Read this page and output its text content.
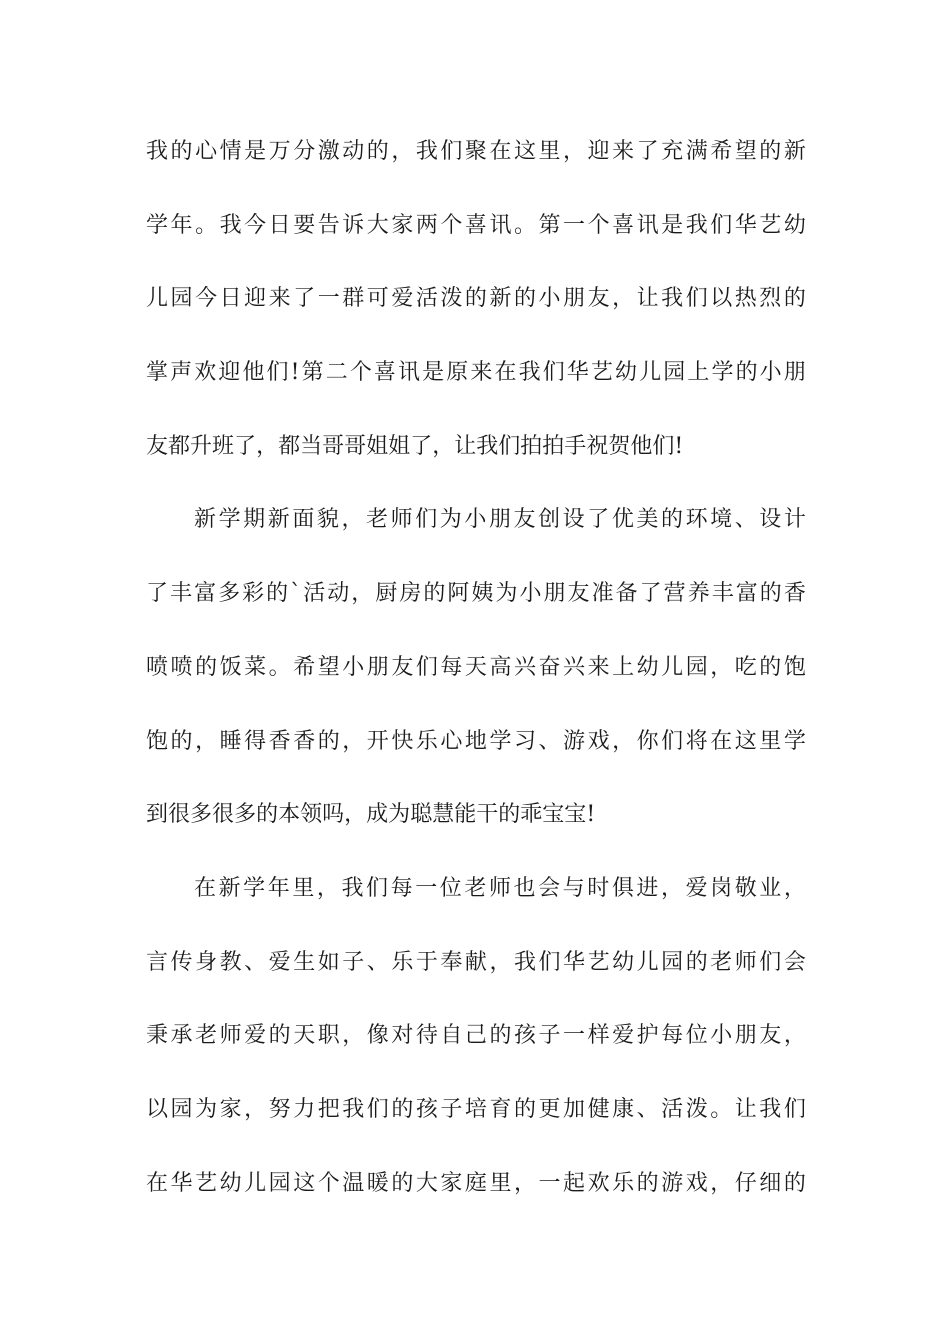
我 的 心 情 是 万 分 激 动 的 ， 我 们 聚 在 这 里 ， 迎 来 了 充 满 希 望 的 新
学 年 。 我 今 日 要 告 诉 大 家 两 个 喜 讯 。 第 一 个 喜 讯 是 我 们 华 艺 幼
儿 园 今 日 迎 来 了 一 群 可 爱 活 泼 的 新 的 小 朋 友 ， 让 我 们 以 热 烈 的
掌 声 欢 迎 他 们 ! 第 二 个 喜 讯 是 原 来 在 我 们 华 艺 幼 儿 园 上 学 的 小 朋
友 都 升 班 了 ， 都 当 哥 哥 姐 姐 了 ， 让 我 们 拍 拍 手 祝 贺 他 们 !
新 学 期 新 面 貌 ， 老 师 们 为 小 朋 友 创 设 了 优 美 的 环 境 、 设 计
了 丰 富 多 彩 的 ` 活 动 ， 厨 房 的 阿 姨 为 小 朋 友 准 备 了 营 养 丰 富 的 香
喷 喷 的 饭 菜 。 希 望 小 朋 友 们 每 天 高 兴 奋 兴 来 上 幼 儿 园 ， 吃 的 饱
饱 的 ， 睡 得 香 香 的 ， 开 快 乐 心 地 学 习 、 游 戏 ， 你 们 将 在 这 里 学
到 很 多 很 多 的 本 领 吗 ， 成 为 聪 慧 能 干 的 乖 宝 宝 !
在 新 学 年 里 ， 我 们 每 一 位 老 师 也 会 与 时 俱 进 ， 爱 岗 敬 业 ，
言 传 身 教 、 爱 生 如 子 、 乐 于 奉 献 ， 我 们 华 艺 幼 儿 园 的 老 师 们 会
秉 承 老 师 爱 的 天 职 ， 像 对 待 自 己 的 孩 子 一 样 爱 护 每 位 小 朋 友 ，
以 园 为 家 ， 努 力 把 我 们 的 孩 子 培 育 的 更 加 健 康 、 活 泼 。 让 我 们
在 华 艺 幼 儿 园 这 个 温 暖 的 大 家 庭 里 ， 一 起 欢 乐 的 游 戏 ， 仔 细 的
